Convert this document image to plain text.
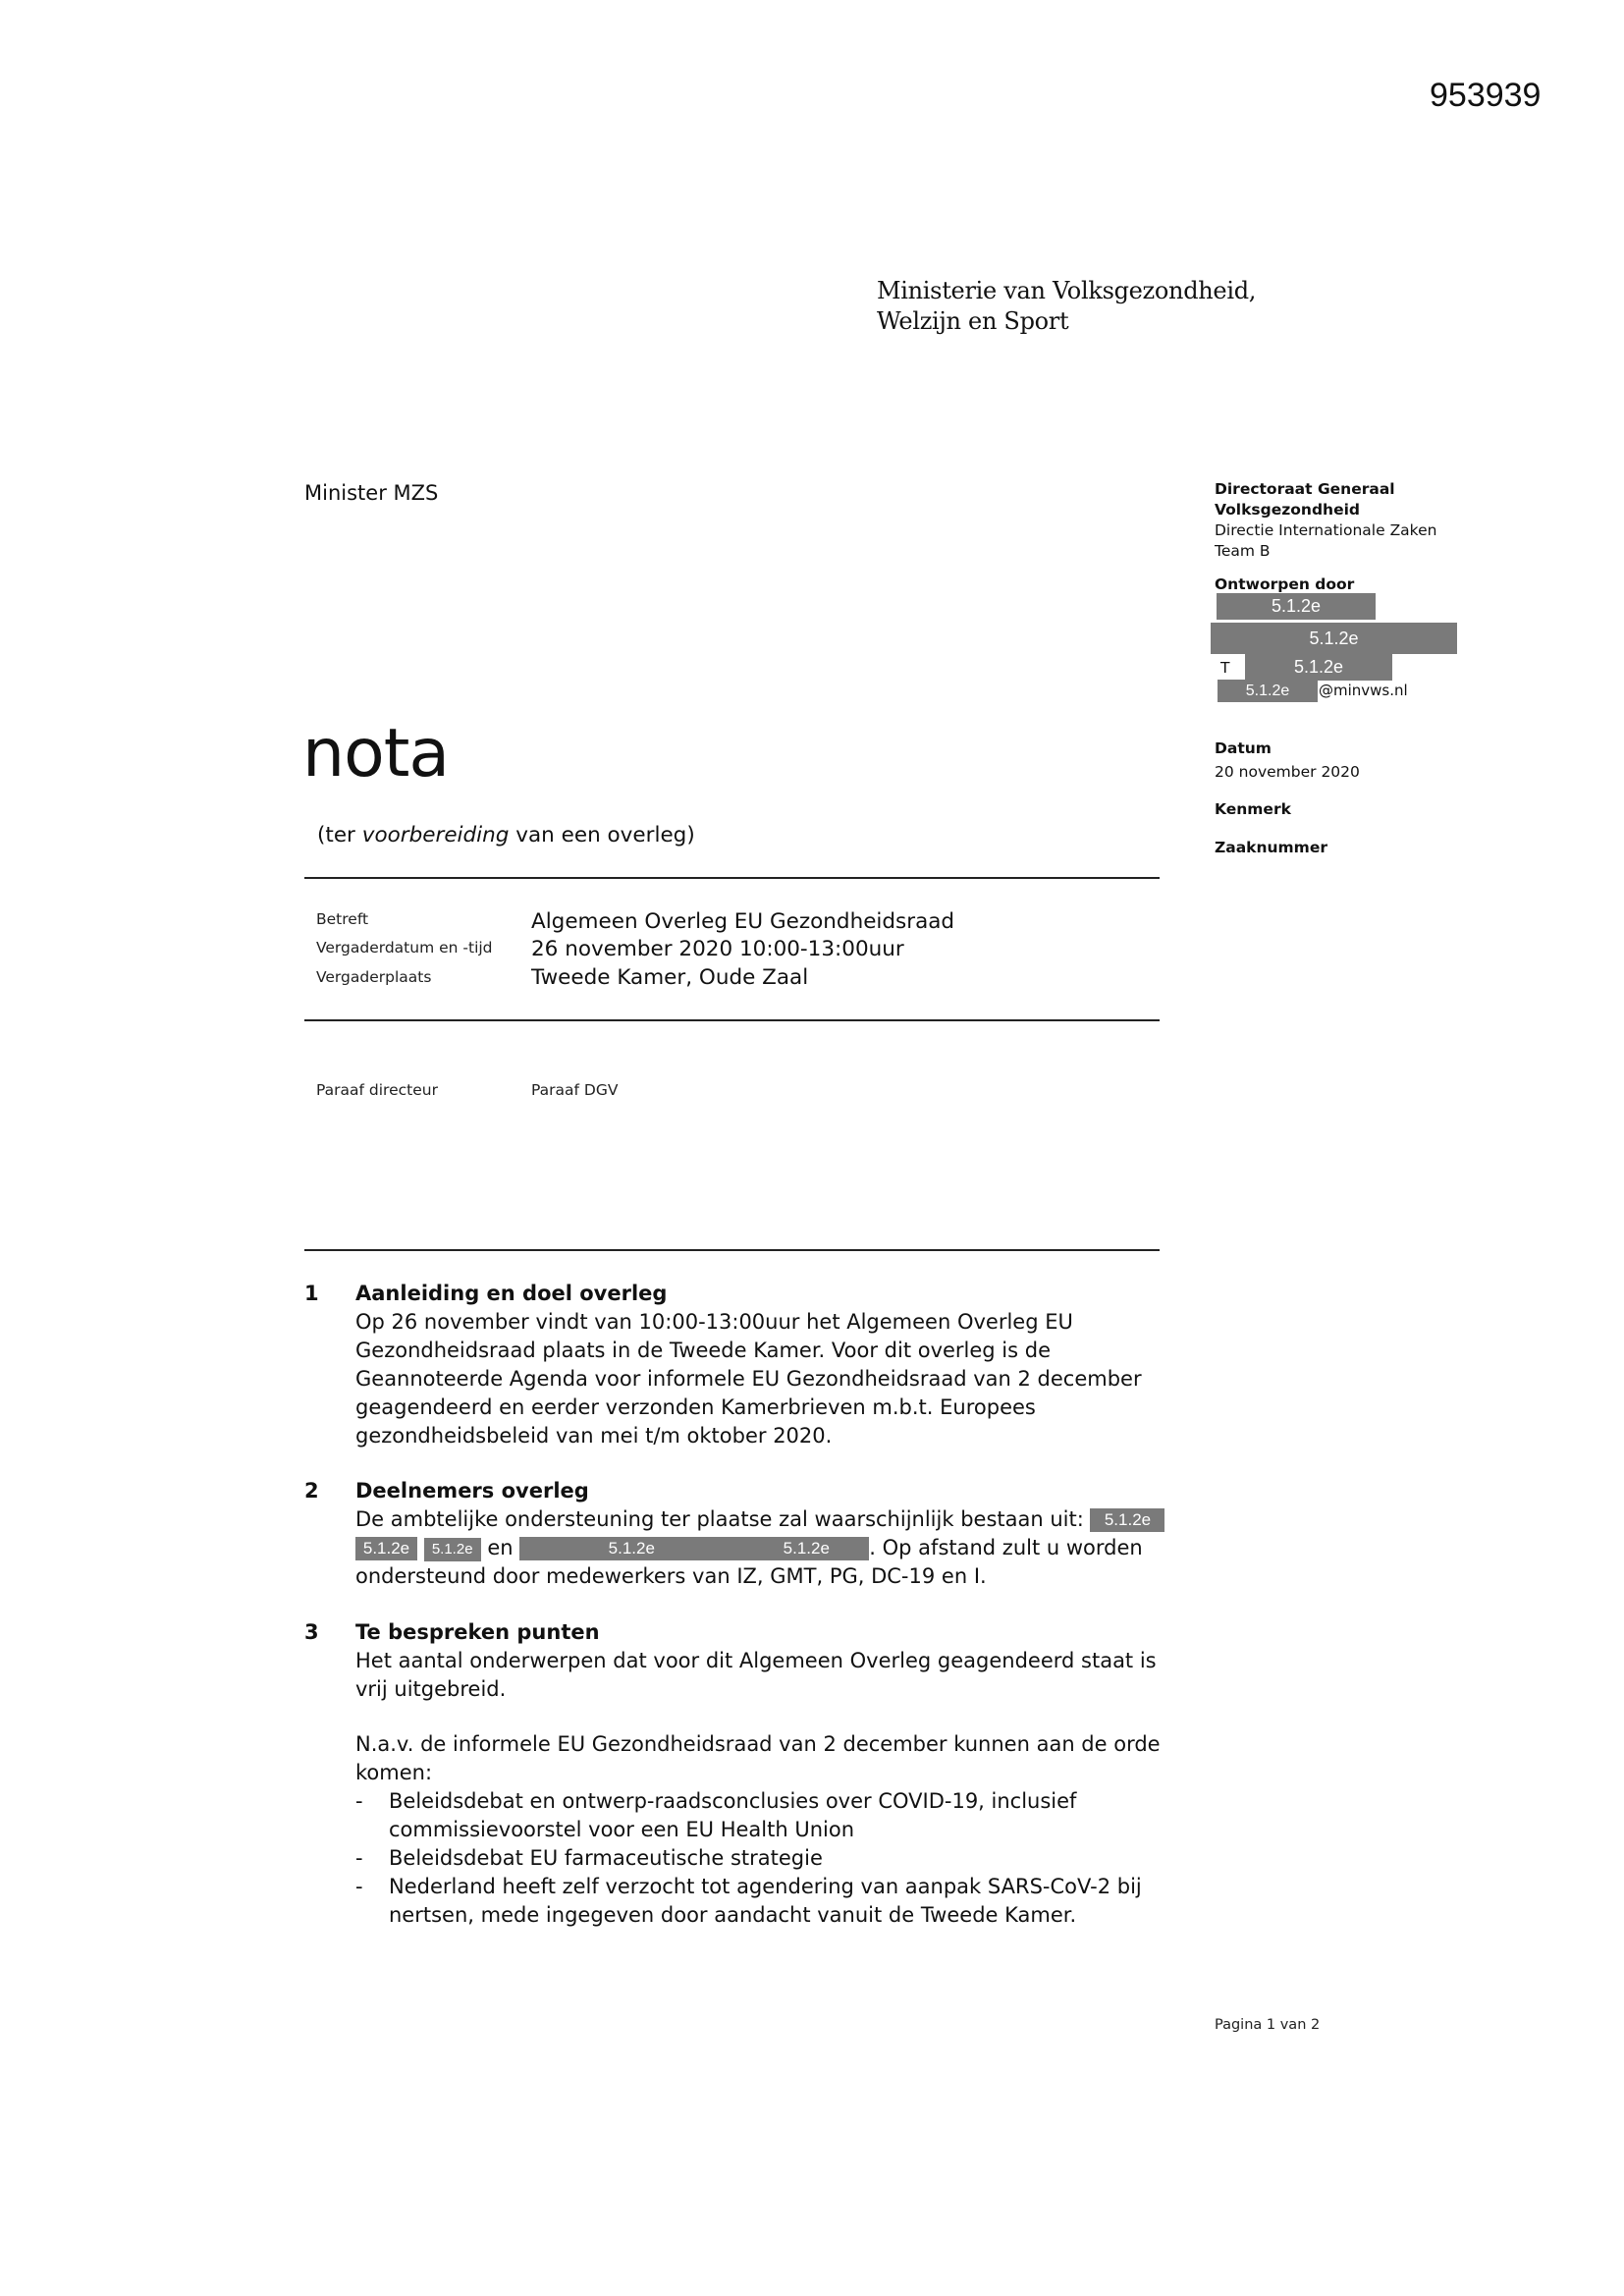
953939
Ministerie van Volksgezondheid,
Welzijn en Sport
Minister MZS	Directoraat Generaal
Volksgezondheid
Directie Internationale Zaken
Team B
Ontworpen door
5.1.2e
5.1.2e
T	5.1.2e
5.1.2e	@minvws.nl
Datum
20 november 2020
Kenmerk
Zaaknummer
nota
(ter voorbereiding van een overleg)
Betreft	Algemeen Overleg EU Gezondheidsraad
Vergaderdatum en -tijd 26 november 2020 10:00-13:00uur
Vergaderplaats	Tweede Kamer, Oude Zaal
Paraaf directeur	Paraaf DGV
1 Aanleiding en doel overleg
Op 26 november vindt van 10:00-13:00uur het Algemeen Overleg EU
Gezondheidsraad plaats in de Tweede Kamer. Voor dit overleg is de
Geannoteerde Agenda voor informele EU Gezondheidsraad van 2 december
geagendeerd en eerder verzonden Kamerbrieven m.b.t. Europees
gezondheidsbeleid van mei t/m oktober 2020.
2 Deelnemers overleg
De ambtelijke ondersteuning ter plaatse zal waarschijnlijk bestaan uit: 5.1.2e
5.1.2e 5.1.2e en	5.1.2e	5.1.2e . Op afstand zult u worden
ondersteund door medewerkers van IZ, GMT, PG, DC-19 en I.
3 Te bespreken punten
Het aantal onderwerpen dat voor dit Algemeen Overleg geagendeerd staat is
vrij uitgebreid.
N.a.v. de informele EU Gezondheidsraad van 2 december kunnen aan de orde
komen:
- Beleidsdebat en ontwerp-raadsconclusies over COVID-19, inclusief
commissievoorstel voor een EU Health Union
- Beleidsdebat EU farmaceutische strategie
- Nederland heeft zelf verzocht tot agendering van aanpak SARS-CoV-2 bij
nertsen, mede ingegeven door aandacht vanuit de Tweede Kamer.
Pagina 1 van 2
